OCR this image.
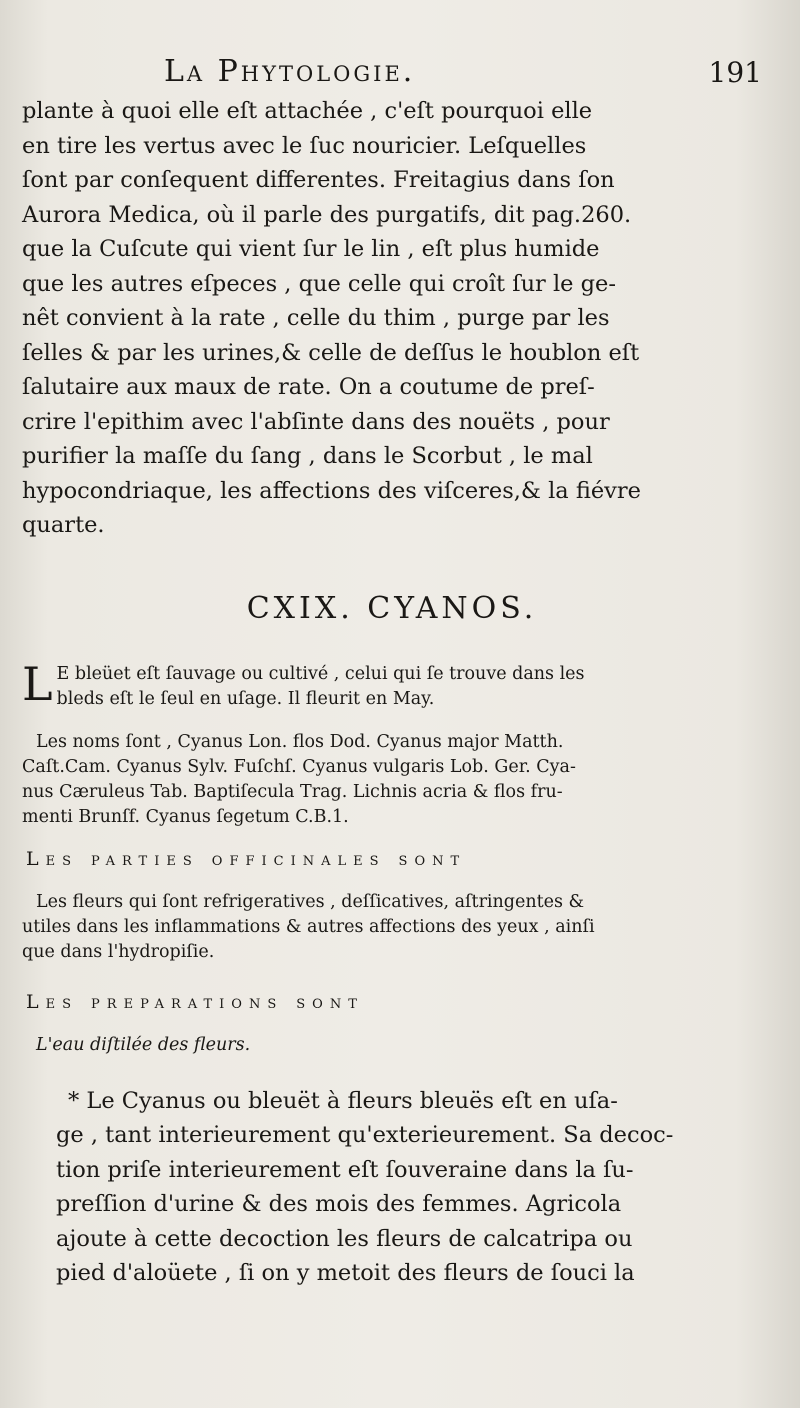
La Phytologie.	191
plante à quoi elle eſt attachée , c'eſt pourquoi elle
en tire les vertus avec le ſuc nouricier. Leſquelles
ſont par conſequent differentes. Freitagius dans ſon
Aurora Medica, où il parle des purgatifs, dit pag.260.
que la Cuſcute qui vient ſur le lin , eſt plus humide
que les autres eſpeces , que celle qui croît ſur le ge-
nêt convient à la rate , celle du thim , purge par les
ſelles & par les urines,& celle de deſſus le houblon eſt
ſalutaire aux maux de rate. On a coutume de preſ-
crire l'epithim avec l'abſinte dans des nouëts , pour
purifier la maſſe du ſang , dans le Scorbut , le mal
hypocondriaque, les affections des viſceres,& la fiévre
quarte.
CXIX. CYANOS.
L E bleüet eſt ſauvage ou cultivé , celui qui ſe trouve dans les
bleds eſt le ſeul en uſage. Il fleurit en May.
Les noms ſont , Cyanus Lon. flos Dod. Cyanus major Matth.
Caſt.Cam. Cyanus Sylv. Fuſchſ. Cyanus vulgaris Lob. Ger. Cya-
nus Cæruleus Tab. Baptiſecula Trag. Lichnis acria & flos fru-
menti Brunſf. Cyanus ſegetum C.B.1.
Les parties officinales sont
Les fleurs qui ſont refrigeratives , deſſicatives, aſtringentes &
utiles dans les inflammations & autres affections des yeux , ainſi
que dans l'hydropiſie.
Les preparations sont
L'eau diſtilée des fleurs.
* Le Cyanus ou bleuët à fleurs bleuës eſt en uſa-
ge , tant interieurement qu'exterieurement. Sa decoc-
tion priſe interieurement eſt ſouveraine dans la ſu-
preſſion d'urine & des mois des femmes. Agricola
ajoute à cette decoction les fleurs de calcatripa ou
pied d'aloüete , ſi on y metoit des fleurs de ſouci la
